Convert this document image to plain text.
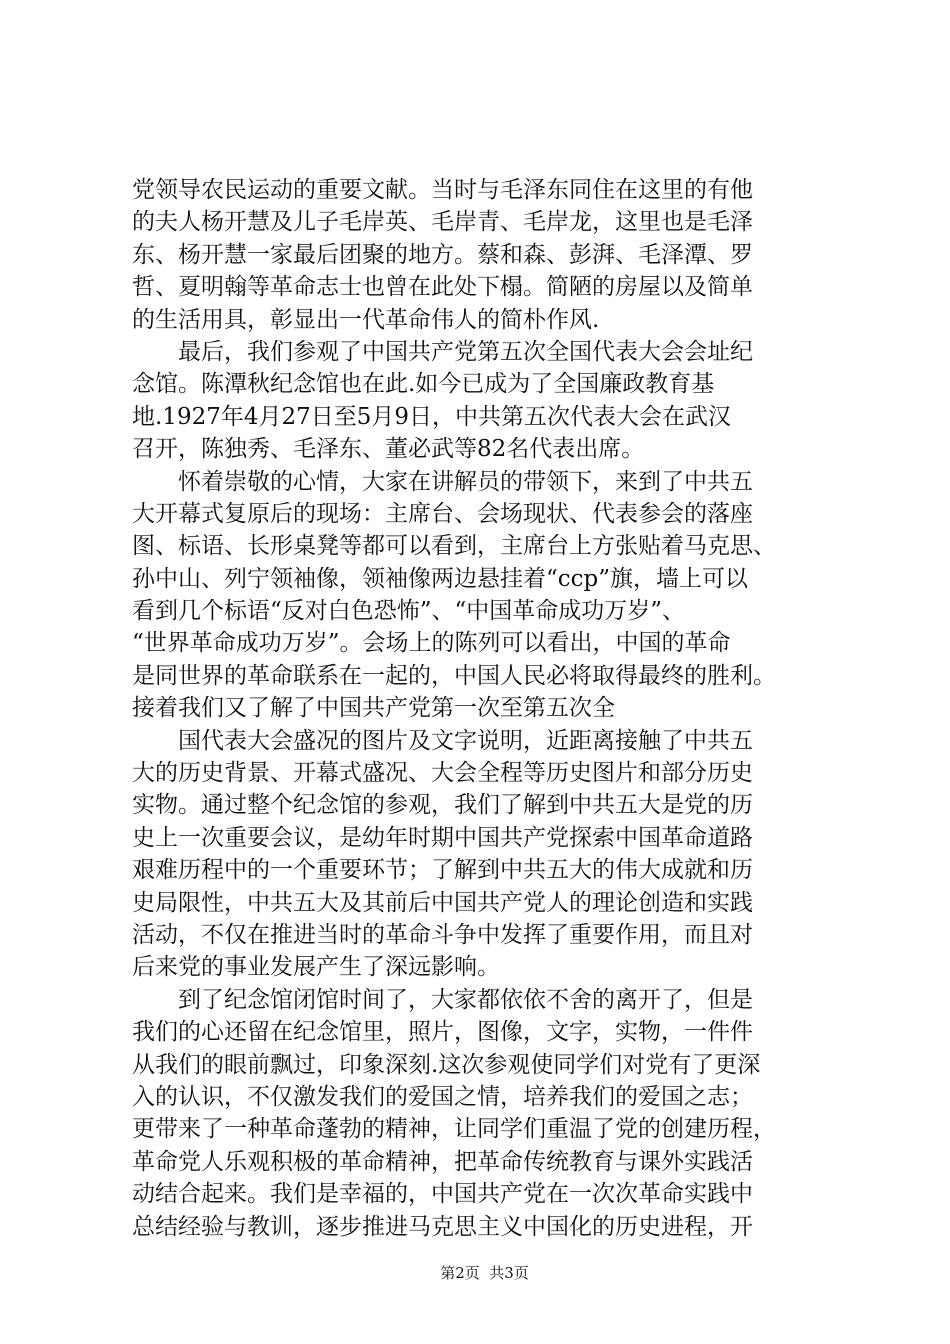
党领导农民运动的重要文献。当时与毛泽东同住在这里的有他
的夫人杨开慧及儿子毛岸英、毛岸青、毛岸龙，这里也是毛泽
东、杨开慧一家最后团聚的地方。蔡和森、彭湃、毛泽潭、罗
哲、夏明翰等革命志士也曾在此处下榻。简陋的房屋以及简单
的生活用具，彰显出一代革命伟人的简朴作风.
　　最后，我们参观了中国共产党第五次全国代表大会会址纪
念馆。陈潭秋纪念馆也在此.如今已成为了全国廉政教育基
地.1927年4月27日至5月9日，中共第五次代表大会在武汉
召开，陈独秀、毛泽东、董必武等82名代表出席。
　　怀着崇敬的心情，大家在讲解员的带领下，来到了中共五
大开幕式复原后的现场：主席台、会场现状、代表参会的落座
图、标语、长形桌凳等都可以看到，主席台上方张贴着马克思、
孙中山、列宁领袖像，领袖像两边悬挂着“ccp”旗，墙上可以
看到几个标语“反对白色恐怖”、“中国革命成功万岁”、
“世界革命成功万岁”。会场上的陈列可以看出，中国的革命
是同世界的革命联系在一起的，中国人民必将取得最终的胜利。
接着我们又了解了中国共产党第一次至第五次全
　　国代表大会盛况的图片及文字说明，近距离接触了中共五
大的历史背景、开幕式盛况、大会全程等历史图片和部分历史
实物。通过整个纪念馆的参观，我们了解到中共五大是党的历
史上一次重要会议，是幼年时期中国共产党探索中国革命道路
艰难历程中的一个重要环节；了解到中共五大的伟大成就和历
史局限性，中共五大及其前后中国共产党人的理论创造和实践
活动，不仅在推进当时的革命斗争中发挥了重要作用，而且对
后来党的事业发展产生了深远影响。
　　到了纪念馆闭馆时间了，大家都依依不舍的离开了，但是
我们的心还留在纪念馆里，照片，图像，文字，实物，一件件
从我们的眼前飘过，印象深刻.这次参观使同学们对党有了更深
入的认识，不仅激发我们的爱国之情，培养我们的爱国之志；
更带来了一种革命蓬勃的精神，让同学们重温了党的创建历程，
革命党人乐观积极的革命精神，把革命传统教育与课外实践活
动结合起来。我们是幸福的，中国共产党在一次次革命实践中
总结经验与教训，逐步推进马克思主义中国化的历史进程，开

第2页  共3页
